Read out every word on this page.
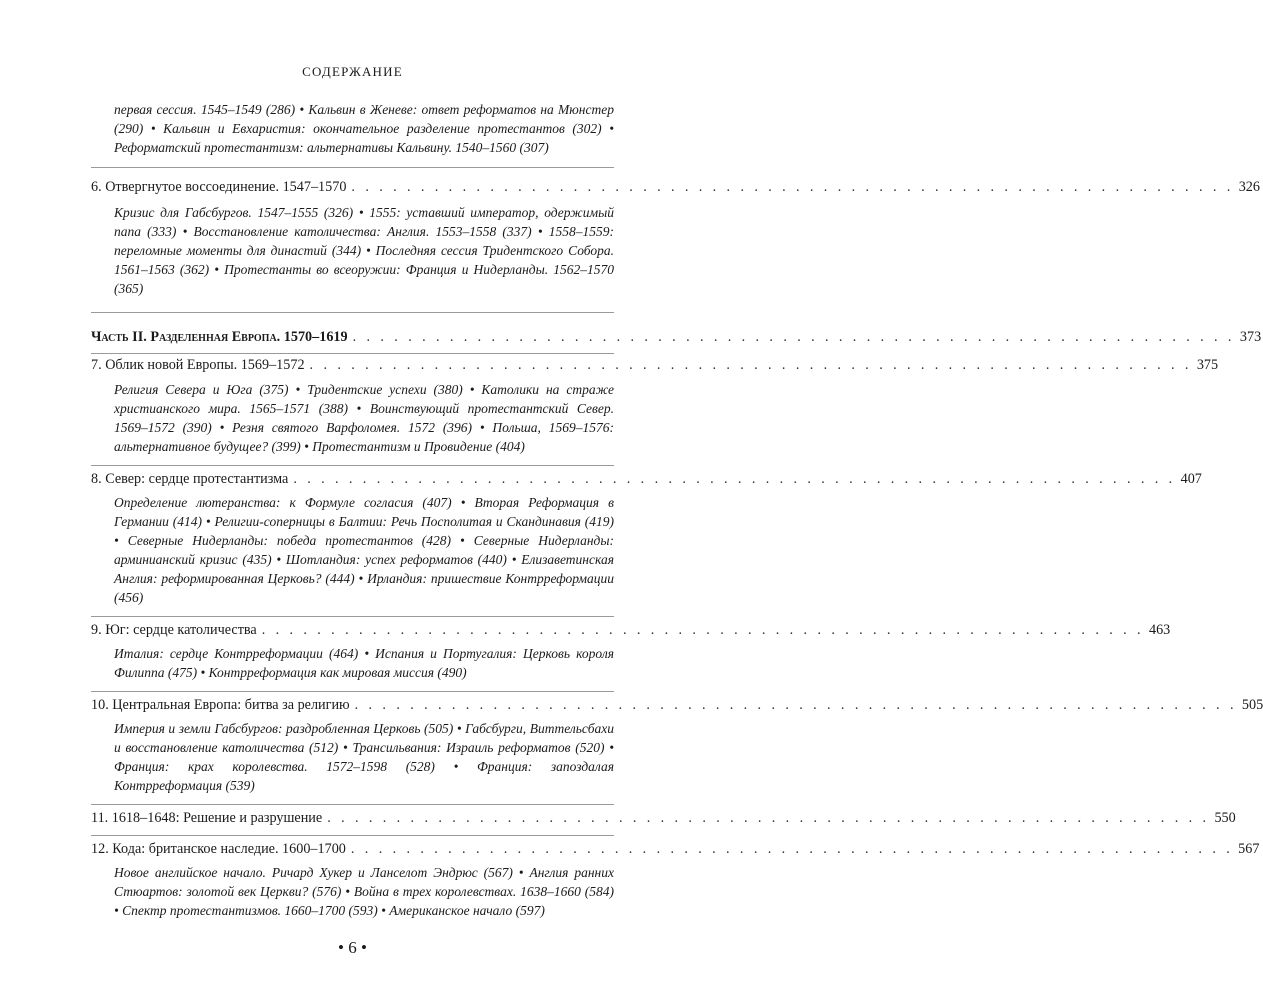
СОДЕРЖАНИЕ

первая сессия. 1545–1549 (286) • Кальвин в Женеве: ответ реформатов на Мюнстер (290) • Кальвин и Евхаристия: окончательное разделение протестантов (302) • Реформатский протестантизм: альтернативы Кальвину. 1540–1560 (307)

6. Отвергнутое воссоединение. 1547–1570 . . . . . . . . . . . . . . . . . . . . . . . . . . . . . . . . . . . . . . . . . . . . . . . . . . . . . . . . . . . . . . . . 326

Кризис для Габсбургов. 1547–1555 (326) • 1555: уставший император, одержимый папа (333) • Восстановление католичества: Англия. 1553–1558 (337) • 1558–1559: переломные моменты для династий (344) • Последняя сессия Тридентского Собора. 1561–1563 (362) • Протестанты во всеоружии: Франция и Нидерланды. 1562–1570 (365)

Часть II. Разделенная Европа. 1570–1619 . . . . . . . . . . . . . . . . . . . . . . . . . . . . . . . . . . . . . . . . . . . . . . . . . . . . . . . . . . . . . . . . 373
7. Облик новой Европы. 1569–1572 . . . . . . . . . . . . . . . . . . . . . . . . . . . . . . . . . . . . . . . . . . . . . . . . . . . . . . . . . . . . . . . . 375

Религия Севера и Юга (375) • Тридентские успехи (380) • Католики на страже христианского мира. 1565–1571 (388) • Воинствующий протестантский Север. 1569–1572 (390) • Резня святого Варфоломея. 1572 (396) • Польша, 1569–1576: альтернативное будущее? (399) • Протестантизм и Провидение (404)

8. Север: сердце протестантизма . . . . . . . . . . . . . . . . . . . . . . . . . . . . . . . . . . . . . . . . . . . . . . . . . . . . . . . . . . . . . . . . 407

Определение лютеранства: к Формуле согласия (407) • Вторая Реформация в Германии (414) • Религии-соперницы в Балтии: Речь Посполитая и Скандинавия (419) • Северные Нидерланды: победа протестантов (428) • Северные Нидерланды: арминианский кризис (435) • Шотландия: успех реформатов (440) • Елизаветинская Англия: реформированная Церковь? (444) • Ирландия: пришествие Контрреформации (456)

9. Юг: сердце католичества . . . . . . . . . . . . . . . . . . . . . . . . . . . . . . . . . . . . . . . . . . . . . . . . . . . . . . . . . . . . . . . . 463

Италия: сердце Контрреформации (464) • Испания и Португалия: Церковь короля Филиппа (475) • Контрреформация как мировая миссия (490)

10. Центральная Европа: битва за религию . . . . . . . . . . . . . . . . . . . . . . . . . . . . . . . . . . . . . . . . . . . . . . . . . . . . . . . . . . . . . . . . 505

Империя и земли Габсбургов: раздробленная Церковь (505) • Габсбурги, Виттельсбахи и восстановление католичества (512) • Трансильвания: Израиль реформатов (520) • Франция: крах королевства. 1572–1598 (528) • Франция: запоздалая Контрреформация (539)

11. 1618–1648: Решение и разрушение . . . . . . . . . . . . . . . . . . . . . . . . . . . . . . . . . . . . . . . . . . . . . . . . . . . . . . . . . . . . . . . . 550
12. Кода: британское наследие. 1600–1700 . . . . . . . . . . . . . . . . . . . . . . . . . . . . . . . . . . . . . . . . . . . . . . . . . . . . . . . . . . . . . . . . 567

Новое английское начало. Ричард Хукер и Ланселот Эндрюс (567) • Англия ранних Стюартов: золотой век Церкви? (576) • Война в трех королевствах. 1638–1660 (584) • Спектр протестантизмов. 1660–1700 (593) • Американское начало (597)

• 6 •
